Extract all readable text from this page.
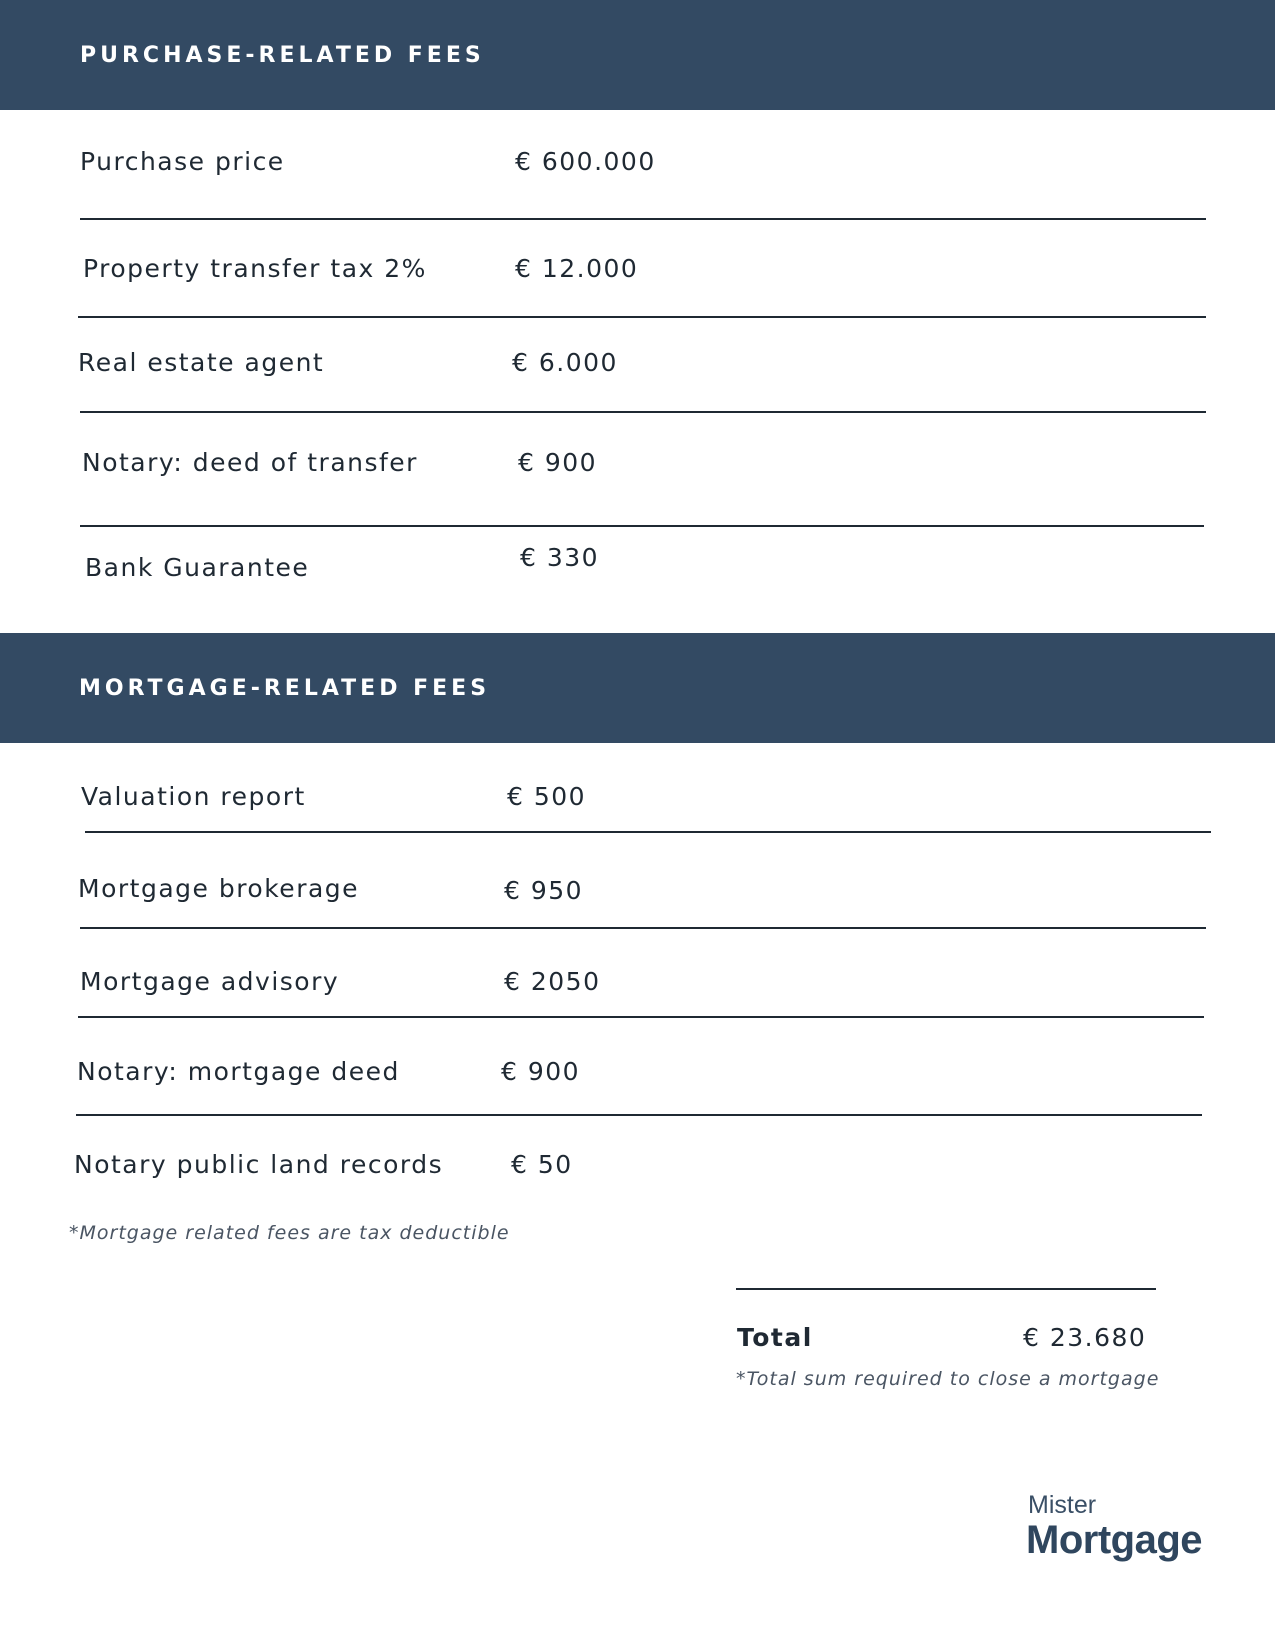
PURCHASE-RELATED FEES
Purchase price	€ 600.000
Property transfer tax 2%	€ 12.000
Real estate agent	€ 6.000
Notary: deed of transfer	€ 900
Bank Guarantee	€ 330
MORTGAGE-RELATED FEES
Valuation report	€ 500
Mortgage brokerage	€ 950
Mortgage advisory	€ 2050
Notary: mortgage deed	€ 900
Notary public land records	€ 50
*Mortgage related fees are tax deductible
Total	€ 23.680
*Total sum required to close a mortgage
Mister
Mortgage
